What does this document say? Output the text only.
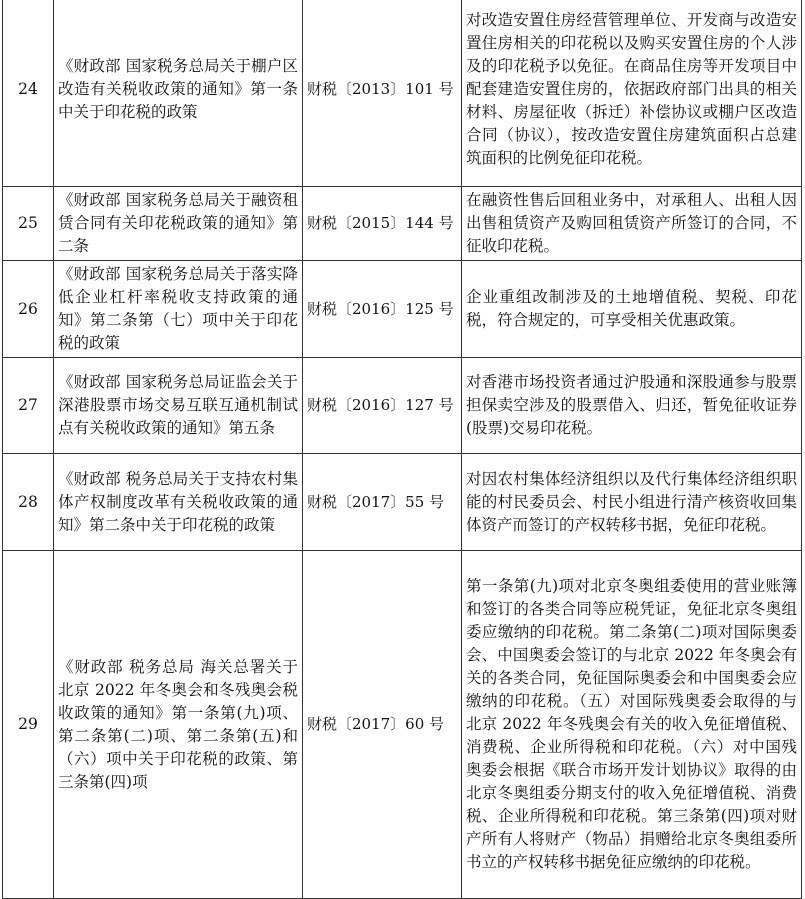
24	《财政部 国家税务总局关于棚户区改造有关税收政策的通知》第一条中关于印花税的政策	财税〔2013〕101 号	对改造安置住房经营管理单位、开发商与改造安置住房相关的印花税以及购买安置住房的个人涉及的印花税予以免征。在商品住房等开发项目中配套建造安置住房的，依据政府部门出具的相关材料、房屋征收（拆迁）补偿协议或棚户区改造合同（协议），按改造安置住房建筑面积占总建筑面积的比例免征印花税。
25	《财政部 国家税务总局关于融资租赁合同有关印花税政策的通知》第二条	财税〔2015〕144 号	在融资性售后回租业务中，对承租人、出租人因出售租赁资产及购回租赁资产所签订的合同，不征收印花税。
26	《财政部 国家税务总局关于落实降低企业杠杆率税收支持政策的通知》第二条第（七）项中关于印花税的政策	财税〔2016〕125 号	企业重组改制涉及的土地增值税、契税、印花税，符合规定的，可享受相关优惠政策。
27	《财政部 国家税务总局证监会关于深港股票市场交易互联互通机制试点有关税收政策的通知》第五条	财税〔2016〕127 号	对香港市场投资者通过沪股通和深股通参与股票担保卖空涉及的股票借入、归还，暂免征收证券(股票)交易印花税。
28	《财政部 税务总局关于支持农村集体产权制度改革有关税收政策的通知》第二条中关于印花税的政策	财税〔2017〕55 号	对因农村集体经济组织以及代行集体经济组织职能的村民委员会、村民小组进行清产核资收回集体资产而签订的产权转移书据，免征印花税。
29	《财政部 税务总局 海关总署关于北京 2022 年冬奥会和冬残奥会税收政策的通知》第一条第(九)项、第二条第(二)项、第二条第(五)和（六）项中关于印花税的政策、第三条第(四)项	财税〔2017〕60 号	第一条第(九)项对北京冬奥组委使用的营业账簿和签订的各类合同等应税凭证，免征北京冬奥组委应缴纳的印花税。第二条第(二)项对国际奥委会、中国奥委会签订的与北京 2022 年冬奥会有关的各类合同，免征国际奥委会和中国奥委会应缴纳的印花税。（五）对国际残奥委会取得的与北京 2022 年冬残奥会有关的收入免征增值税、消费税、企业所得税和印花税。（六）对中国残奥委会根据《联合市场开发计划协议》取得的由北京冬奥组委分期支付的收入免征增值税、消费税、企业所得税和印花税。第三条第(四)项对财产所有人将财产（物品）捐赠给北京冬奥组委所书立的产权转移书据免征应缴纳的印花税。
